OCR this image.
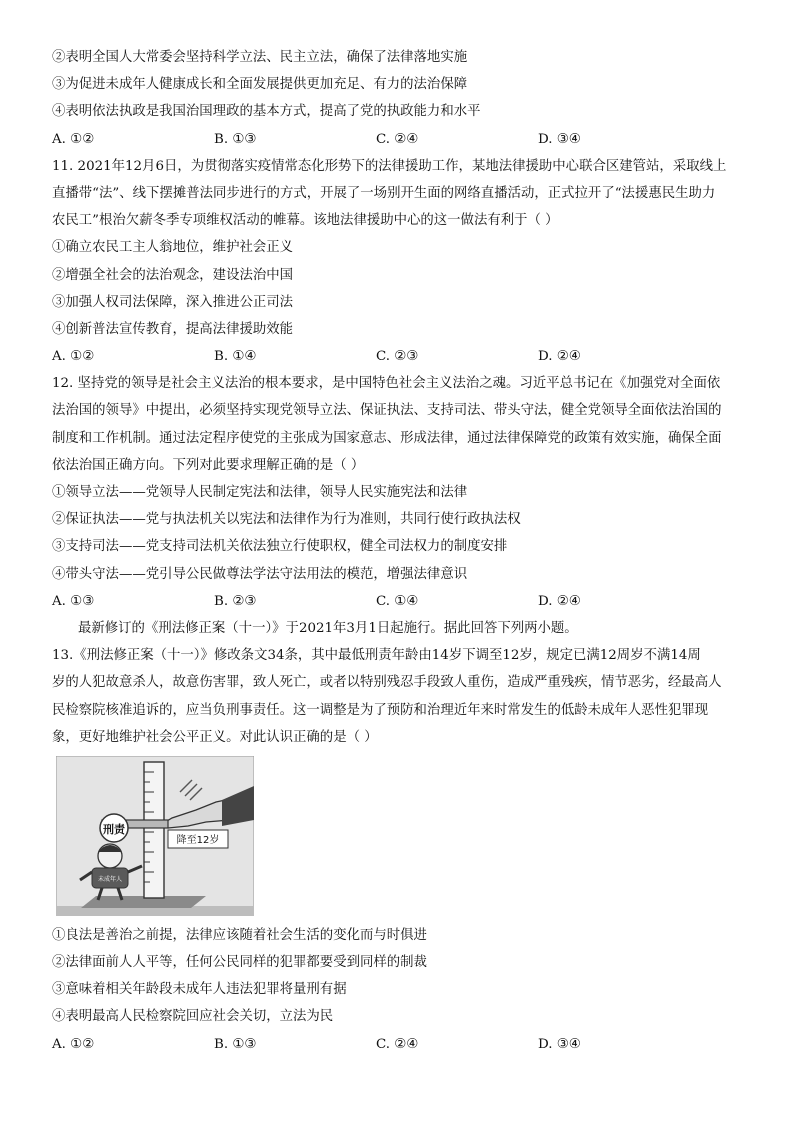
②表明全国人大常委会坚持科学立法、民主立法，确保了法律落地实施
③为促进未成年人健康成长和全面发展提供更加充足、有力的法治保障
④表明依法执政是我国治国理政的基本方式，提高了党的执政能力和水平
A. ①②	B. ①③	C. ②④	D. ③④
11. 2021年12月6日，为贯彻落实疫情常态化形势下的法律援助工作，某地法律援助中心联合区建管站，采取线上
直播带“法”、线下摆摊普法同步进行的方式，开展了一场别开生面的网络直播活动，正式拉开了“法援惠民生助力
农民工”根治欠薪冬季专项维权活动的帷幕。该地法律援助中心的这一做法有利于（ ）
①确立农民工主人翁地位，维护社会正义
②增强全社会的法治观念，建设法治中国
③加强人权司法保障，深入推进公正司法
④创新普法宣传教育，提高法律援助效能
A. ①②	B. ①④	C. ②③	D. ②④
12. 坚持党的领导是社会主义法治的根本要求，是中国特色社会主义法治之魂。习近平总书记在《加强党对全面依
法治国的领导》中提出，必须坚持实现党领导立法、保证执法、支持司法、带头守法，健全党领导全面依法治国的
制度和工作机制。通过法定程序使党的主张成为国家意志、形成法律，通过法律保障党的政策有效实施，确保全面
依法治国正确方向。下列对此要求理解正确的是（ ）
①领导立法——党领导人民制定宪法和法律，领导人民实施宪法和法律
②保证执法——党与执法机关以宪法和法律作为行为准则，共同行使行政执法权
③支持司法——党支持司法机关依法独立行使职权，健全司法权力的制度安排
④带头守法——党引导公民做尊法学法守法用法的模范，增强法律意识
A. ①③	B. ②③	C. ①④	D. ②④
最新修订的《刑法修正案（十一）》于2021年3月1日起施行。据此回答下列两小题。
13.《刑法修正案（十一）》修改条文34条，其中最低刑责年龄由14岁下调至12岁，规定已满12周岁不满14周
岁的人犯故意杀人，故意伤害罪，致人死亡，或者以特别残忍手段致人重伤，造成严重残疾，情节恶劣，经最高人
民检察院核准追诉的，应当负刑事责任。这一调整是为了预防和治理近年来时常发生的低龄未成年人恶性犯罪现
象，更好地维护社会公平正义。对此认识正确的是（ ）
刑责
降至12岁
未成年人
①良法是善治之前提，法律应该随着社会生活的变化而与时俱进
②法律面前人人平等，任何公民同样的犯罪都要受到同样的制裁
③意味着相关年龄段未成年人违法犯罪将量刑有据
④表明最高人民检察院回应社会关切，立法为民
A. ①②	B. ①③	C. ②④	D. ③④
